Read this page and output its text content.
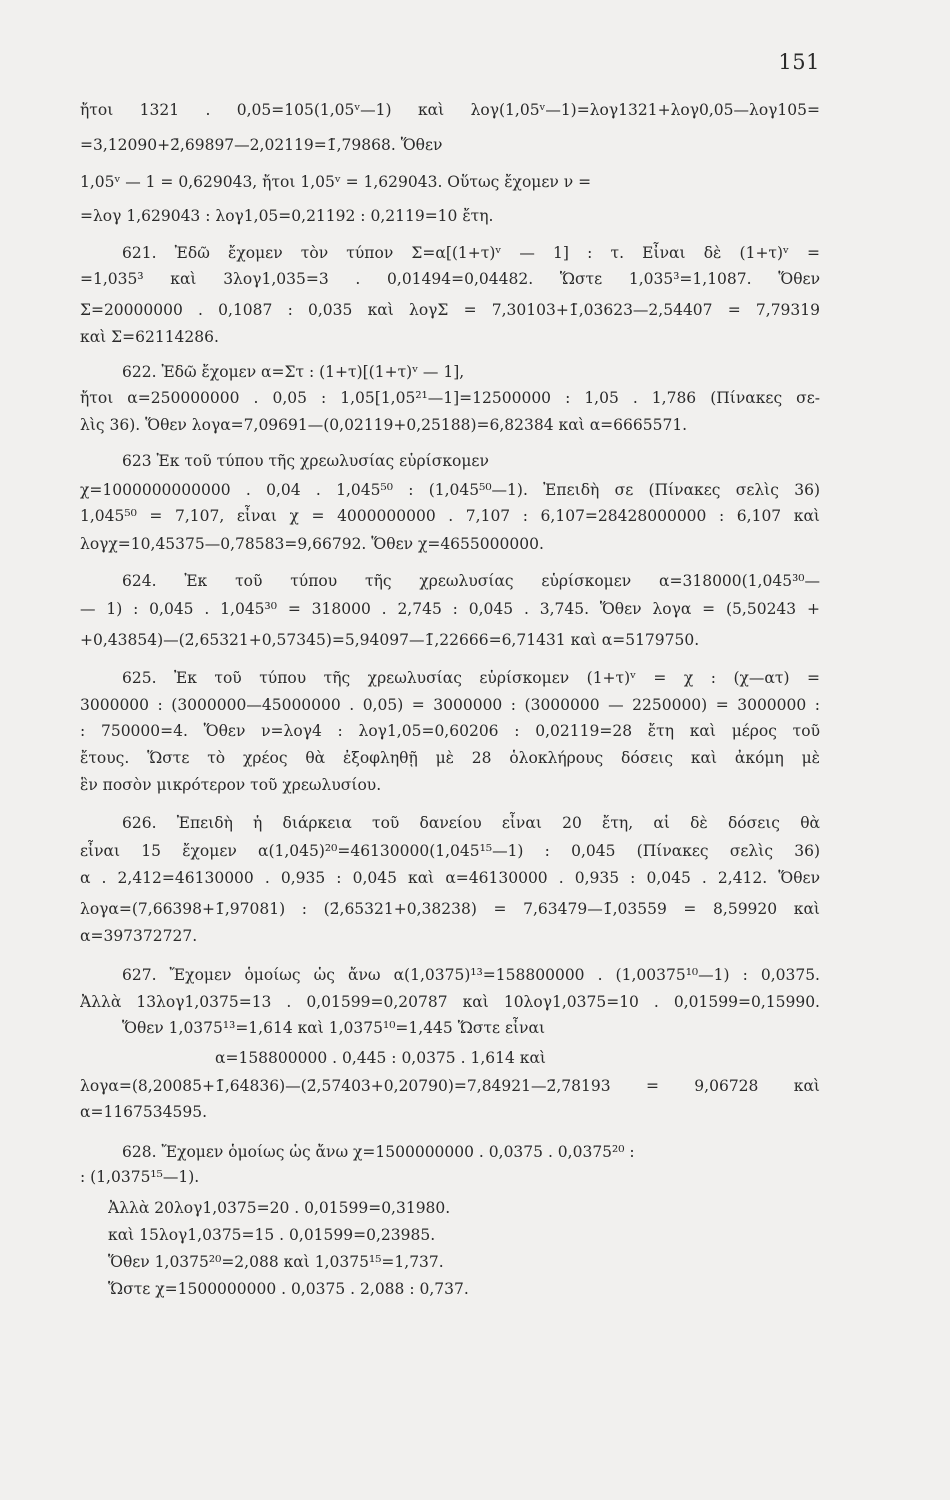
151
ἤτοι 1321 . 0,05=105(1,05ᵛ—1) καὶ λογ(1,05ᵛ—1)=λογ1321+λογ0,05—λογ105=
=3,12090+2̄,69897—2,02119=1̄,79868. Ὅθεν
1,05ᵛ — 1 = 0,629043, ἤτοι 1,05ᵛ = 1,629043. Οὕτως ἔχομεν ν =
=λογ 1,629043 : λογ1,05=0,21192 : 0,2119=10 ἔτη.
621. Ἐδῶ ἔχομεν τὸν τύπον Σ=α[(1+τ)ᵛ — 1] : τ. Εἶναι δὲ (1+τ)ᵛ =
=1,035³ καὶ 3λογ1,035=3 . 0,01494=0,04482. Ὥστε 1,035³=1,1087. Ὅθεν
Σ=20000000 . 0,1087 : 0,035 καὶ λογΣ = 7,30103+1̄,03623—2,54407 = 7,79319
καὶ Σ=62114286.
622. Ἐδῶ ἔχομεν α=Στ : (1+τ)[(1+τ)ᵛ — 1],
ἤτοι α=250000000 . 0,05 : 1,05[1,05²¹—1]=12500000 : 1,05 . 1,786 (Πίνακες σε-
λὶς 36). Ὅθεν λογα=7,09691—(0,02119+0,25188)=6,82384 καὶ α=6665571.
623 Ἐκ τοῦ τύπου τῆς χρεωλυσίας εὑρίσκομεν
χ=1000000000000 . 0,04 . 1,045⁵⁰ : (1,045⁵⁰—1). Ἐπειδὴ σε (Πίνακες σελὶς 36)
1,045⁵⁰ = 7,107, εἶναι χ = 4000000000 . 7,107 : 6,107=28428000000 : 6,107 καὶ
λογχ=10,45375—0,78583=9,66792. Ὅθεν χ=4655000000.
624. Ἐκ τοῦ τύπου τῆς χρεωλυσίας εὑρίσκομεν α=318000(1,045³⁰—
— 1) : 0,045 . 1,045³⁰ = 318000 . 2,745 : 0,045 . 3,745. Ὅθεν λογα = (5,50243 +
+0,43854)—(2̄,65321+0,57345)=5,94097—1̄,22666=6,71431 καὶ α=5179750.
625. Ἐκ τοῦ τύπου τῆς χρεωλυσίας εὑρίσκομεν (1+τ)ᵛ = χ : (χ—ατ) =
3000000 : (3000000—45000000 . 0,05) = 3000000 : (3000000 — 2250000) = 3000000 :
: 750000=4. Ὅθεν ν=λογ4 : λογ1,05=0,60206 : 0,02119=28 ἔτη καὶ μέρος τοῦ
ἔτους. Ὥστε τὸ χρέος θὰ ἐξοφληθῇ μὲ 28 ὁλοκλήρους δόσεις καὶ ἀκόμη μὲ
ἓν ποσὸν μικρότερον τοῦ χρεωλυσίου.
626. Ἐπειδὴ ἡ διάρκεια τοῦ δανείου εἶναι 20 ἔτη, αἱ δὲ δόσεις θὰ
εἶναι 15 ἔχομεν α(1,045)²⁰=46130000(1,045¹⁵—1) : 0,045 (Πίνακες σελὶς 36)
α . 2,412=46130000 . 0,935 : 0,045 καὶ α=46130000 . 0,935 : 0,045 . 2,412. Ὅθεν
λογα=(7,66398+1̄,97081) : (2̄,65321+0,38238) = 7,63479—1̄,03559 = 8,59920 καὶ
α=397372727.
627. Ἔχομεν ὁμοίως ὡς ἄνω α(1,0375)¹³=158800000 . (1,00375¹⁰—1) : 0,0375.
Ἀλλὰ 13λογ1,0375=13 . 0,01599=0,20787 καὶ 10λογ1,0375=10 . 0,01599=0,15990.
Ὅθεν 1,0375¹³=1,614 καὶ 1,0375¹⁰=1,445 Ὥστε εἶναι
α=158800000 . 0,445 : 0,0375 . 1,614 καὶ
λογα=(8,20085+1̄,64836)—(2̄,57403+0,20790)=7,84921—2̄,78193 = 9,06728 καὶ
α=1167534595.
628. Ἔχομεν ὁμοίως ὡς ἄνω χ=1500000000 . 0,0375 . 0,0375²⁰ :
: (1,0375¹⁵—1).
Ἀλλὰ 20λογ1,0375=20 . 0,01599=0,31980.
καὶ 15λογ1,0375=15 . 0,01599=0,23985.
Ὅθεν 1,0375²⁰=2,088 καὶ 1,0375¹⁵=1,737.
Ὥστε χ=1500000000 . 0,0375 . 2,088 : 0,737.
